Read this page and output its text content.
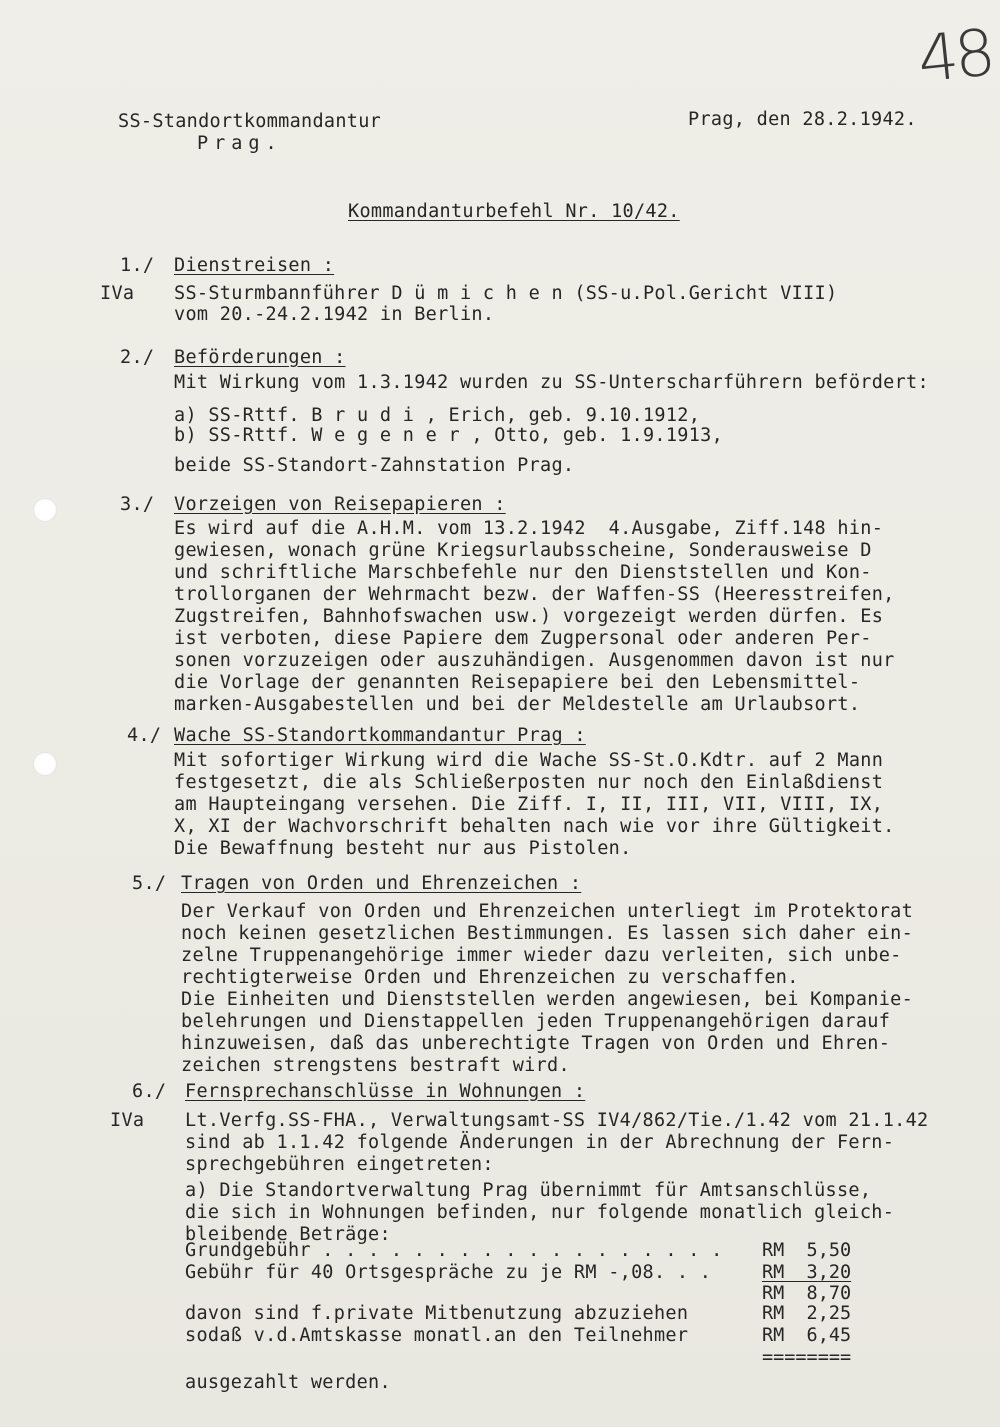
48
SS-Standortkommandantur
Prag.
Prag, den 28.2.1942.
Kommandanturbefehl Nr. 10/42.
1./ Dienstreisen :
IVa SS-Sturmbannführer D ü m i c h e n (SS-u.Pol.Gericht VIII)
vom 20.-24.2.1942 in Berlin.
2./ Beförderungen :
Mit Wirkung vom 1.3.1942 wurden zu SS-Unterscharführern befördert:
a) SS-Rttf. B r u d i , Erich, geb. 9.10.1912,
b) SS-Rttf. W e g e n e r , Otto, geb. 1.9.1913,
beide SS-Standort-Zahnstation Prag.
3./ Vorzeigen von Reisepapieren :
Es wird auf die A.H.M. vom 13.2.1942  4.Ausgabe, Ziff.148 hin-
gewiesen, wonach grüne Kriegsurlaubsscheine, Sonderausweise D
und schriftliche Marschbefehle nur den Dienststellen und Kon-
trollorganen der Wehrmacht bezw. der Waffen-SS (Heeresstreifen,
Zugstreifen, Bahnhofswachen usw.) vorgezeigt werden dürfen. Es
ist verboten, diese Papiere dem Zugpersonal oder anderen Per-
sonen vorzuzeigen oder auszuhändigen. Ausgenommen davon ist nur
die Vorlage der genannten Reisepapiere bei den Lebensmittel-
marken-Ausgabestellen und bei der Meldestelle am Urlaubsort.
4./ Wache SS-Standortkommandantur Prag :
Mit sofortiger Wirkung wird die Wache SS-St.O.Kdtr. auf 2 Mann
festgesetzt, die als Schließerposten nur noch den Einlaßdienst
am Haupteingang versehen. Die Ziff. I, II, III, VII, VIII, IX,
X, XI der Wachvorschrift behalten nach wie vor ihre Gültigkeit.
Die Bewaffnung besteht nur aus Pistolen.
5./ Tragen von Orden und Ehrenzeichen :
Der Verkauf von Orden und Ehrenzeichen unterliegt im Protektorat
noch keinen gesetzlichen Bestimmungen. Es lassen sich daher ein-
zelne Truppenangehörige immer wieder dazu verleiten, sich unbe-
rechtigterweise Orden und Ehrenzeichen zu verschaffen.
Die Einheiten und Dienststellen werden angewiesen, bei Kompanie-
belehrungen und Dienstappellen jeden Truppenangehörigen darauf
hinzuweisen, daß das unberechtigte Tragen von Orden und Ehren-
zeichen strengstens bestraft wird.
6./ Fernsprechanschlüsse in Wohnungen :
IVa Lt.Verfg.SS-FHA., Verwaltungsamt-SS IV4/862/Tie./1.42 vom 21.1.42
sind ab 1.1.42 folgende Änderungen in der Abrechnung der Fern-
sprechgebühren eingetreten:
a) Die Standortverwaltung Prag übernimmt für Amtsanschlüsse,
die sich in Wohnungen befinden, nur folgende monatlich gleich-
bleibende Beträge:
Grundgebühr . . . . . . . . . . . . . . . . . . RM  5,50
Gebühr für 40 Ortsgespräche zu je RM -,08. . .	RM  3,20
RM  8,70
davon sind f.private Mitbenutzung abzuziehen	RM  2,25
sodaß v.d.Amtskasse monatl.an den Teilnehmer	RM  6,45
========
ausgezahlt werden.
